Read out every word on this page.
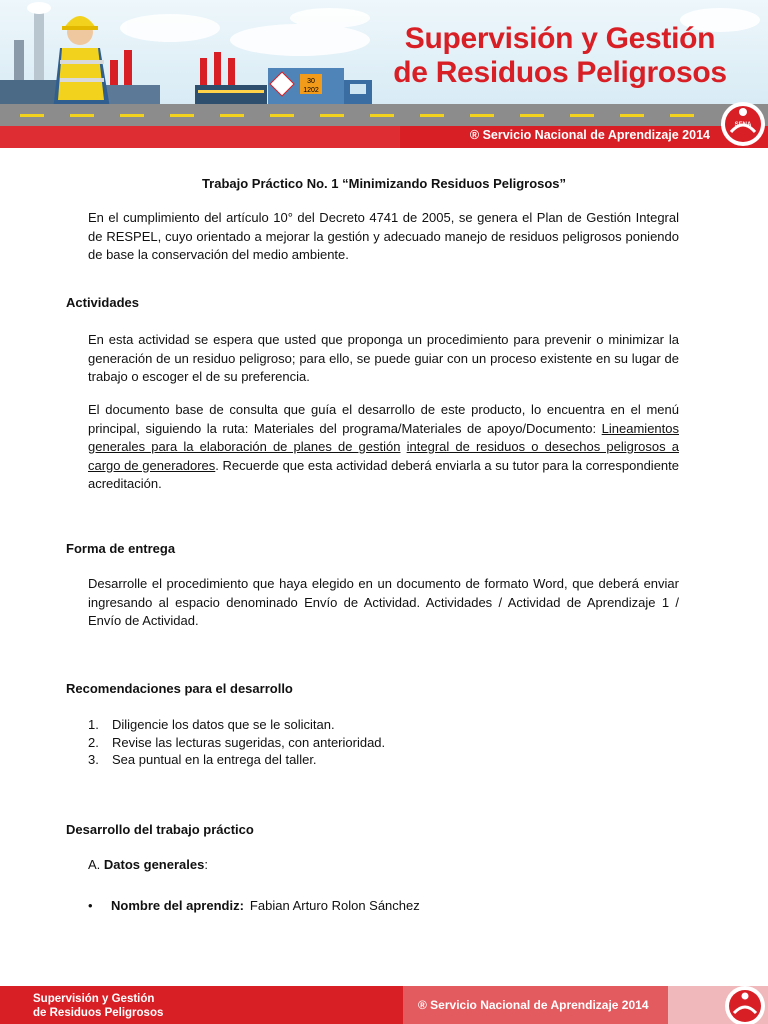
30
1202
SENA
Supervisión y Gestión
de Residuos Peligrosos
® Servicio Nacional de Aprendizaje 2014
Trabajo Práctico No. 1 “Minimizando Residuos Peligrosos”

En el cumplimiento del artículo 10° del Decreto 4741 de 2005, se genera el Plan de Gestión Integral de RESPEL, cuyo orientado a mejorar la gestión y adecuado manejo de residuos peligrosos poniendo de base la conservación del medio ambiente.

Actividades

En esta actividad se espera que usted que proponga un procedimiento para prevenir o minimizar la generación de un residuo peligroso; para ello, se puede guiar con un proceso existente en su lugar de trabajo o escoger el de su preferencia.

El documento base de consulta que guía el desarrollo de este producto, lo encuentra en el menú principal, siguiendo la ruta: Materiales del programa/Materiales de apoyo/Documento: Lineamientos generales para la elaboración de planes de gestión integral de residuos o desechos peligrosos a cargo de generadores. Recuerde que esta actividad deberá enviarla a su tutor para la correspondiente acreditación.

Forma de entrega

Desarrolle el procedimiento que haya elegido en un documento de formato Word, que deberá enviar ingresando al espacio denominado Envío de Actividad. Actividades / Actividad de Aprendizaje 1 / Envío de Actividad.

Recomendaciones para el desarrollo

1.	Diligencie los datos que se le solicitan.
2.	Revise las lecturas sugeridas, con anterioridad.
3.	Sea puntual en la entrega del taller.

Desarrollo del trabajo práctico

A. Datos generales:
•	Nombre del aprendiz: Fabian Arturo Rolon Sánchez
Supervisión y Gestión
de Residuos Peligrosos
® Servicio Nacional de Aprendizaje 2014
